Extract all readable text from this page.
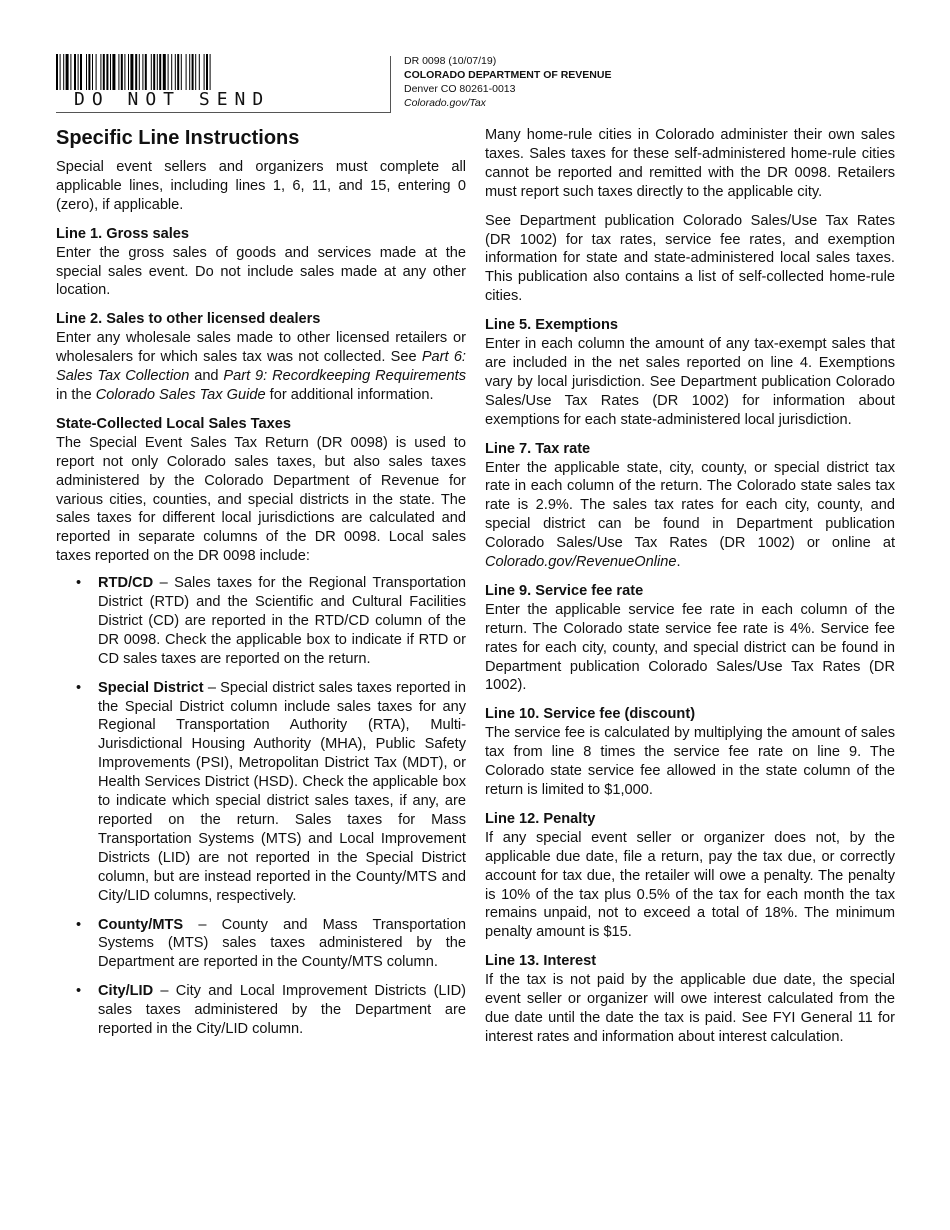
DO NOT SEND
DR 0098 (10/07/19)
COLORADO DEPARTMENT OF REVENUE
Denver CO 80261-0013
Colorado.gov/Tax
Specific Line Instructions

Special event sellers and organizers must complete all applicable lines, including lines 1, 6, 11, and 15, entering 0 (zero), if applicable.

Line 1. Gross sales

Enter the gross sales of goods and services made at the special sales event. Do not include sales made at any other location.

Line 2. Sales to other licensed dealers

Enter any wholesale sales made to other licensed retailers or wholesalers for which sales tax was not collected. See Part 6: Sales Tax Collection and Part 9: Recordkeeping Requirements in the Colorado Sales Tax Guide for additional information.

State-Collected Local Sales Taxes

The Special Event Sales Tax Return (DR 0098) is used to report not only Colorado sales taxes, but also sales taxes administered by the Colorado Department of Revenue for various cities, counties, and special districts in the state. The sales taxes for different local jurisdictions are calculated and reported in separate columns of the DR 0098. Local sales taxes reported on the DR 0098 include:

• RTD/CD – Sales taxes for the Regional Transportation District (RTD) and the Scientific and Cultural Facilities District (CD) are reported in the RTD/CD column of the DR 0098. Check the applicable box to indicate if RTD or CD sales taxes are reported on the return.
• Special District – Special district sales taxes reported in the Special District column include sales taxes for any Regional Transportation Authority (RTA), Multi-Jurisdictional Housing Authority (MHA), Public Safety Improvements (PSI), Metropolitan District Tax (MDT), or Health Services District (HSD). Check the applicable box to indicate which special district sales taxes, if any, are reported on the return. Sales taxes for Mass Transportation Systems (MTS) and Local Improvement Districts (LID) are not reported in the Special District column, but are instead reported in the County/MTS and City/LID columns, respectively.
• County/MTS – County and Mass Transportation Systems (MTS) sales taxes administered by the Department are reported in the County/MTS column.
• City/LID – City and Local Improvement Districts (LID) sales taxes administered by the Department are reported in the City/LID column.

Many home-rule cities in Colorado administer their own sales taxes. Sales taxes for these self-administered home-rule cities cannot be reported and remitted with the DR 0098. Retailers must report such taxes directly to the applicable city.

See Department publication Colorado Sales/Use Tax Rates (DR 1002) for tax rates, service fee rates, and exemption information for state and state-administered local sales taxes. This publication also contains a list of self-collected home-rule cities.

Line 5. Exemptions

Enter in each column the amount of any tax-exempt sales that are included in the net sales reported on line 4. Exemptions vary by local jurisdiction. See Department publication Colorado Sales/Use Tax Rates (DR 1002) for information about exemptions for each state-administered local jurisdiction.

Line 7. Tax rate

Enter the applicable state, city, county, or special district tax rate in each column of the return. The Colorado state sales tax rate is 2.9%. The sales tax rates for each city, county, and special district can be found in Department publication Colorado Sales/Use Tax Rates (DR 1002) or online at Colorado.gov/RevenueOnline.

Line 9. Service fee rate

Enter the applicable service fee rate in each column of the return. The Colorado state service fee rate is 4%. Service fee rates for each city, county, and special district can be found in Department publication Colorado Sales/Use Tax Rates (DR 1002).

Line 10. Service fee (discount)

The service fee is calculated by multiplying the amount of sales tax from line 8 times the service fee rate on line 9. The Colorado state service fee allowed in the state column of the return is limited to $1,000.

Line 12. Penalty

If any special event seller or organizer does not, by the applicable due date, file a return, pay the tax due, or correctly account for tax due, the retailer will owe a penalty. The penalty is 10% of the tax plus 0.5% of the tax for each month the tax remains unpaid, not to exceed a total of 18%. The minimum penalty amount is $15.

Line 13. Interest

If the tax is not paid by the applicable due date, the special event seller or organizer will owe interest calculated from the due date until the date the tax is paid. See FYI General 11 for interest rates and information about interest calculation.
